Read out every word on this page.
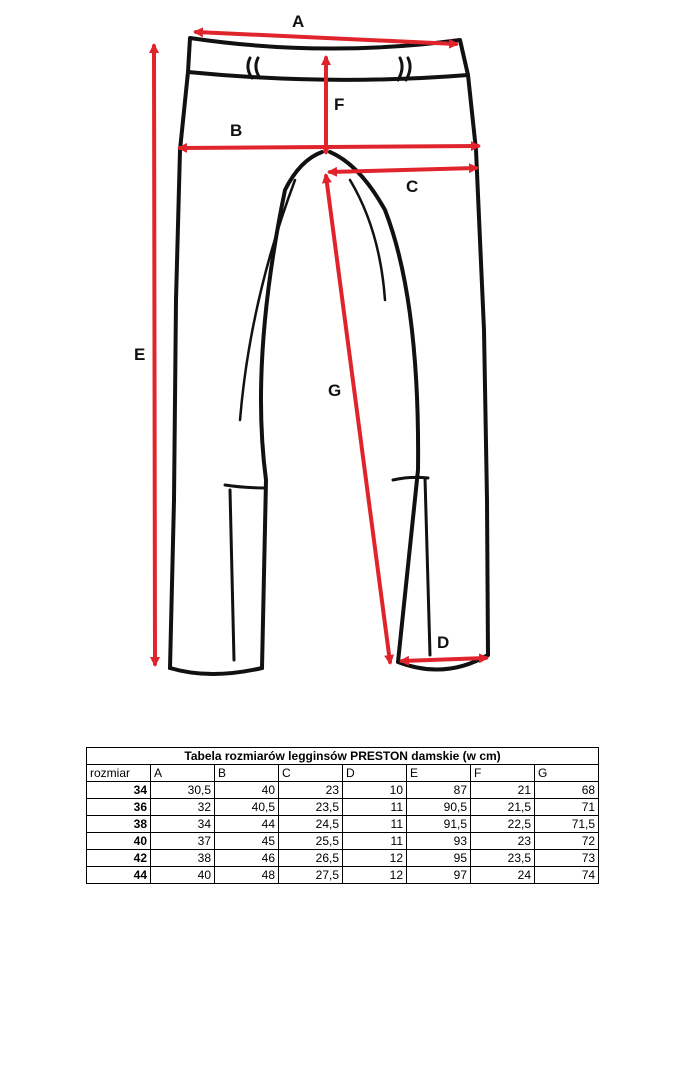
A
B
C
D
E
F
G
Tabela rozmiarów legginsów PRESTON damskie (w cm)							
rozmiar	A	B	C	D	E	F	G
34	30,5	40	23	10	87	21	68
36	32	40,5	23,5	11	90,5	21,5	71
38	34	44	24,5	11	91,5	22,5	71,5
40	37	45	25,5	11	93	23	72
42	38	46	26,5	12	95	23,5	73
44	40	48	27,5	12	97	24	74
